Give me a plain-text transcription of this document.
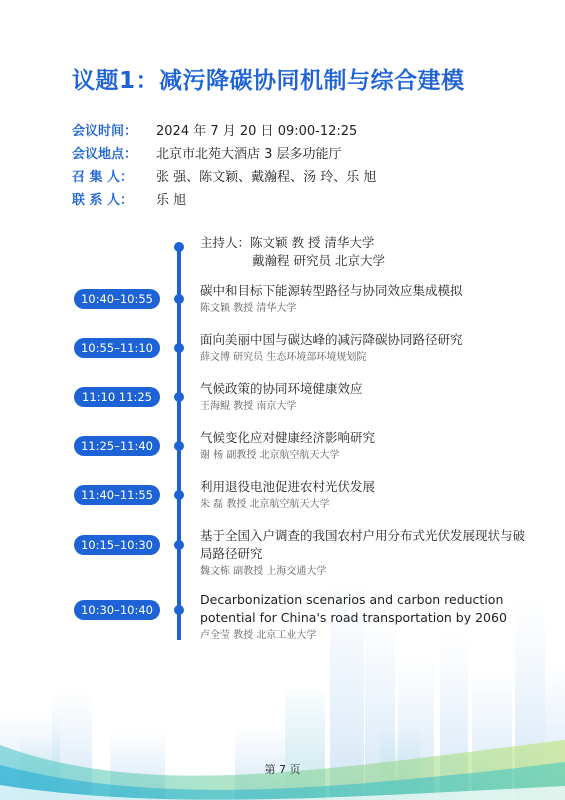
议题1：减污降碳协同机制与综合建模
会议时间： 2024 年 7 月 20 日 09:00-12:25
会议地点： 北京市北苑大酒店 3 层多功能厅
召 集 人： 张 强、陈文颖、戴瀚程、汤 玲、乐 旭
联 系 人： 乐 旭
主持人：陈文颖 教 授 清华大学
戴瀚程 研究员 北京大学
10:40–10:55
碳中和目标下能源转型路径与协同效应集成模拟
陈文颖 教授 清华大学
10:55–11:10
面向美丽中国与碳达峰的减污降碳协同路径研究
薛文博 研究员 生态环境部环境规划院
11:10 11:25
气候政策的协同环境健康效应
王海鲲 教授 南京大学
11:25–11:40
气候变化应对健康经济影响研究
谢 杨 副教授 北京航空航天大学
11:40–11:55
利用退役电池促进农村光伏发展
朱 磊 教授 北京航空航天大学
10:15–10:30
基于全国入户调查的我国农村户用分布式光伏发展现状与破局路径研究
魏文栋 副教授 上海交通大学
10:30–10:40
Decarbonization scenarios and carbon reduction potential for China's road transportation by 2060
卢全莹 教授 北京工业大学
第 7 页
